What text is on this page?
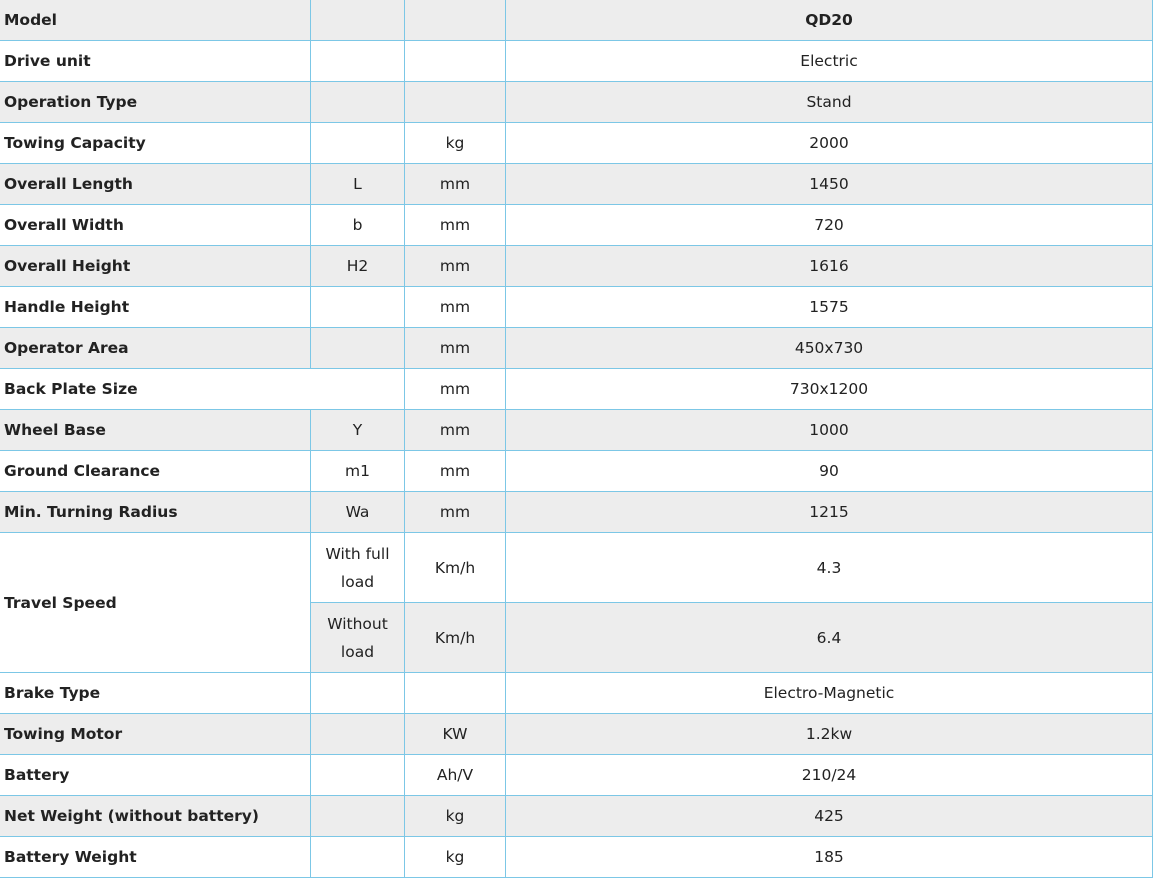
Model			QD20
Drive unit			Electric
Operation Type			Stand
Towing Capacity		kg	2000
Overall Length	L	mm	1450
Overall Width	b	mm	720
Overall Height	H2	mm	1616
Handle Height		mm	1575
Operator Area		mm	450x730
Back Plate Size		mm	730x1200
Wheel Base	Y	mm	1000
Ground Clearance	m1	mm	90
Min. Turning Radius	Wa	mm	1215
Travel Speed	With full load	Km/h	4.3
	Without load	Km/h	6.4
Brake Type			Electro-Magnetic
Towing Motor		KW	1.2kw
Battery		Ah/V	210/24
Net Weight (without battery)		kg	425
Battery Weight		kg	185
